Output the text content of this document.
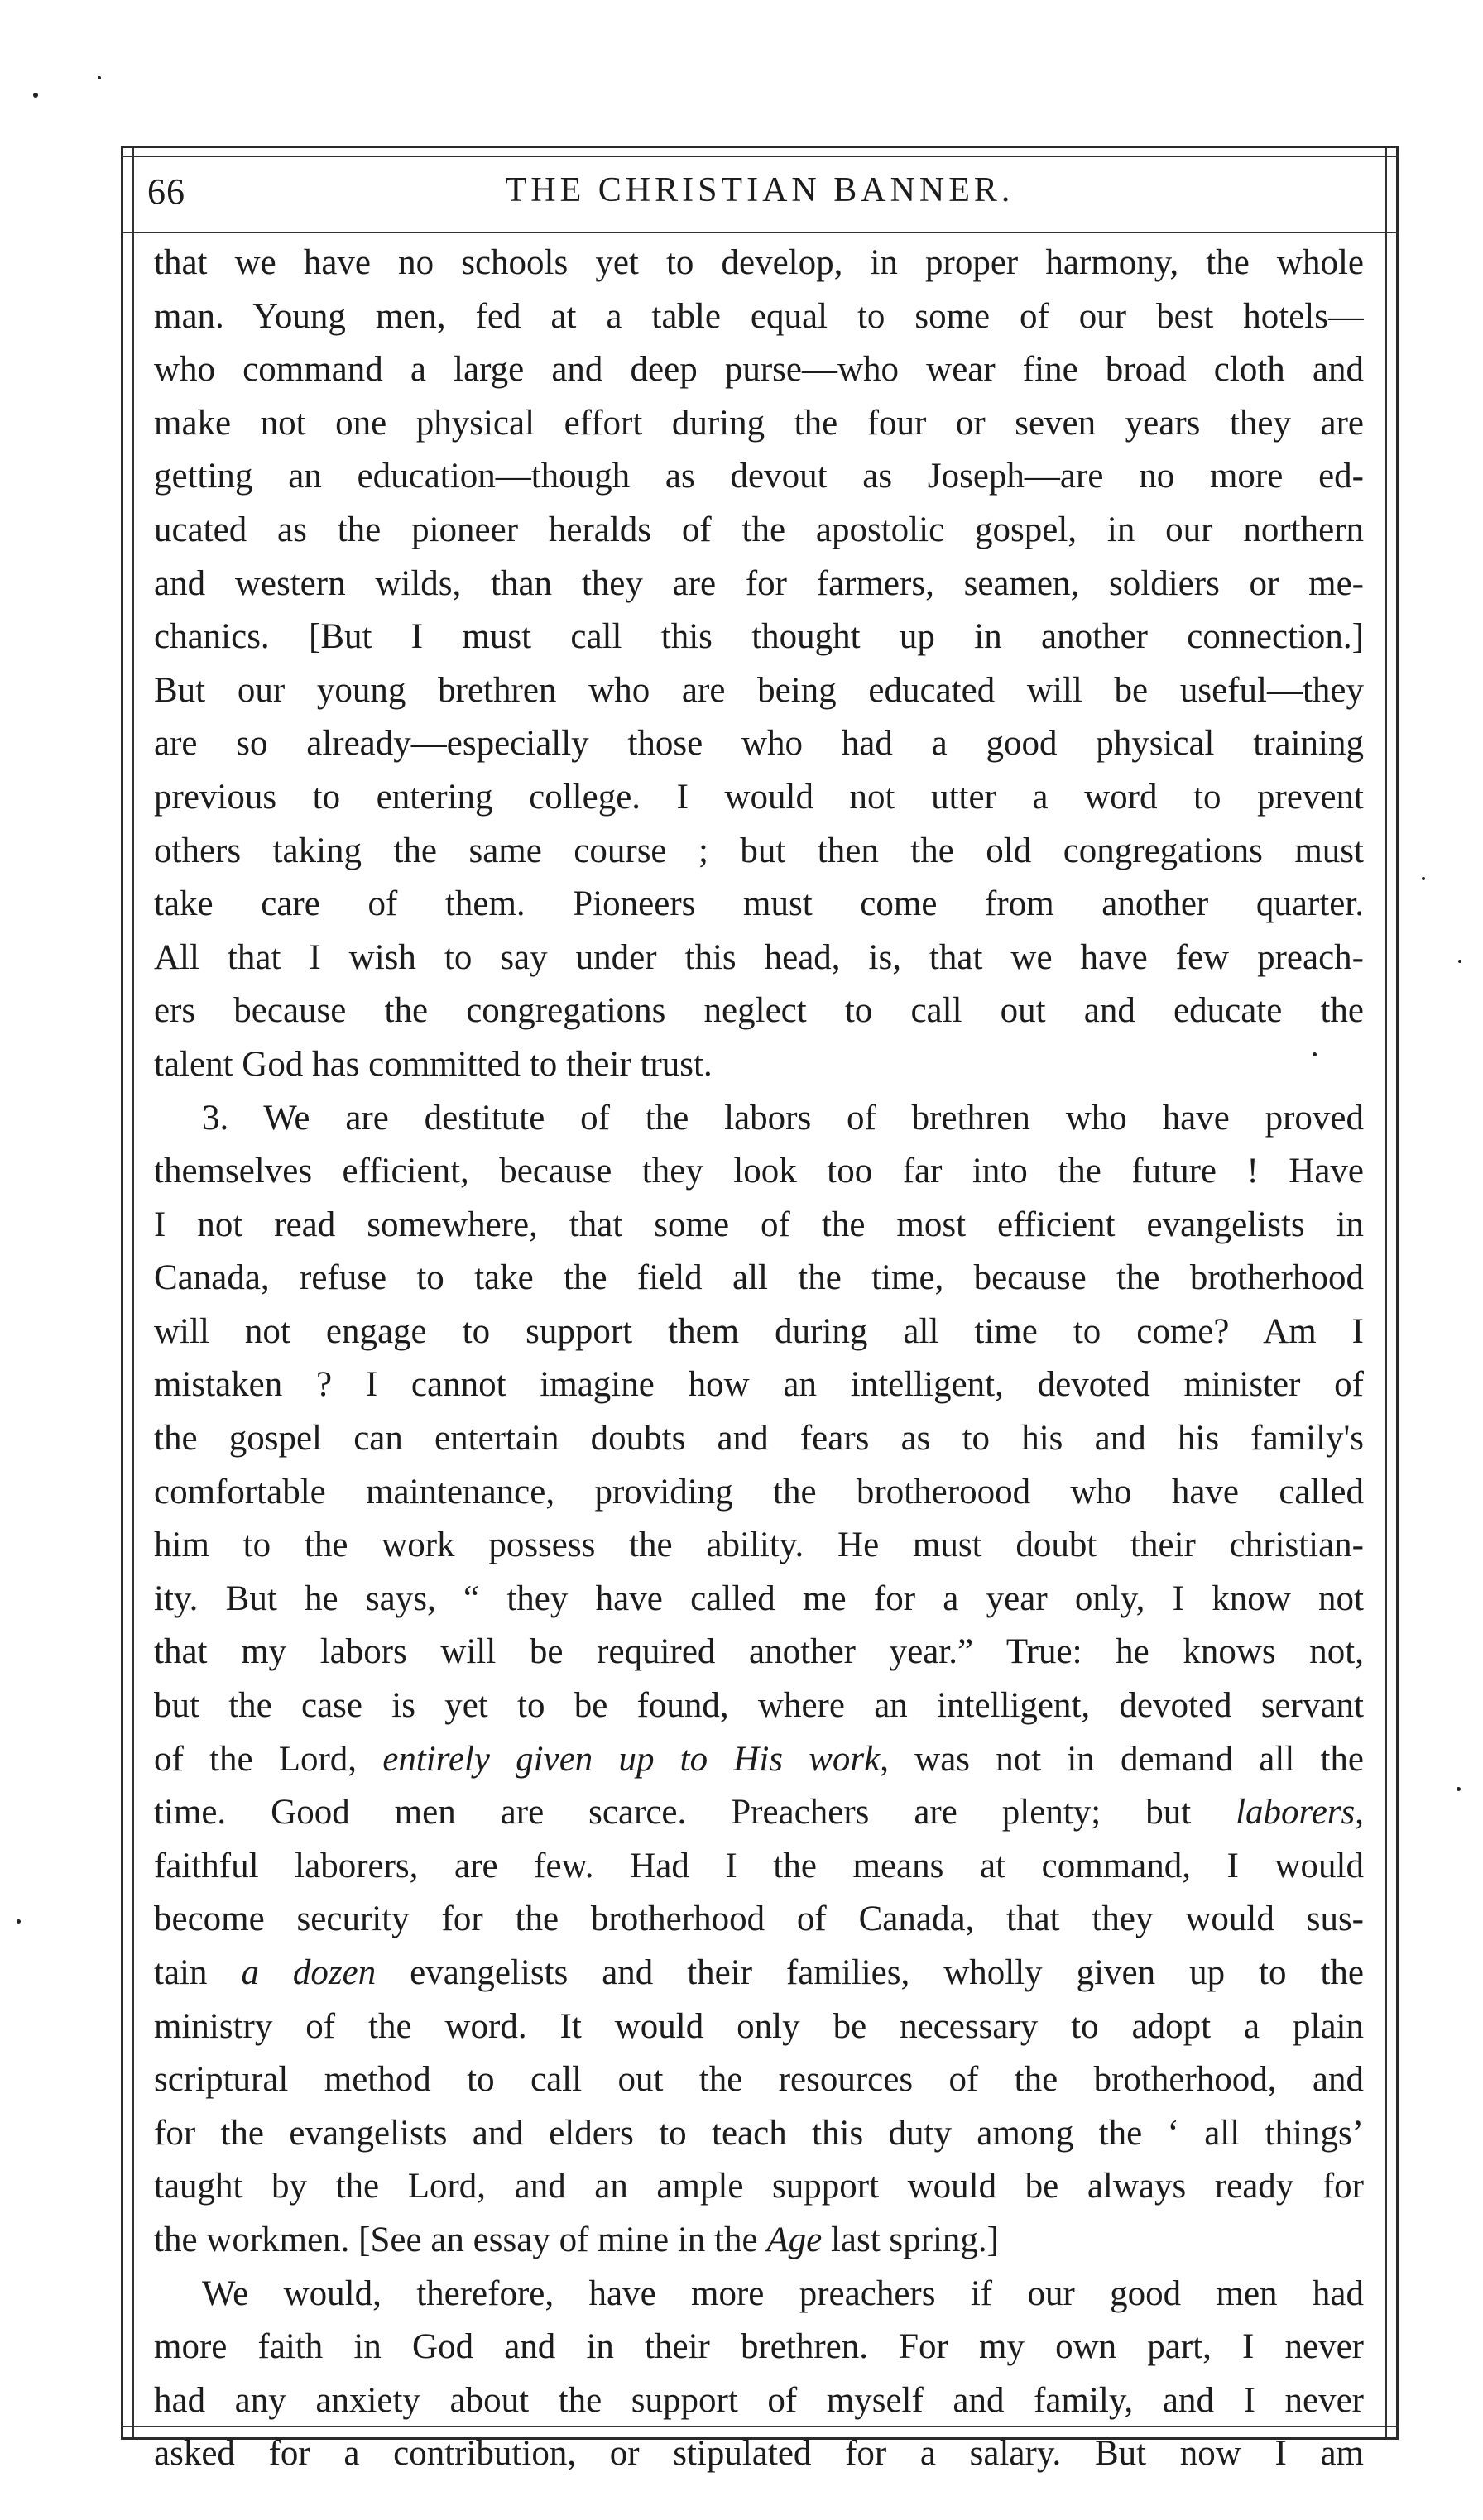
66	THE CHRISTIAN BANNER.
that we have no schools yet to develop, in proper harmony, the whole
man. Young men, fed at a table equal to some of our best hotels—
who command a large and deep purse—who wear fine broad cloth and
make not one physical effort during the four or seven years they are
getting an education—though as devout as Joseph—are no more ed-
ucated as the pioneer heralds of the apostolic gospel, in our northern
and western wilds, than they are for farmers, seamen, soldiers or me-
chanics. [But I must call this thought up in another connection.]
But our young brethren who are being educated will be useful—they
are so already—especially those who had a good physical training
previous to entering college. I would not utter a word to prevent
others taking the same course ; but then the old congregations must
take care of them. Pioneers must come from another quarter.
All that I wish to say under this head, is, that we have few preach-
ers because the congregations neglect to call out and educate the
talent God has committed to their trust.
3. We are destitute of the labors of brethren who have proved
themselves efficient, because they look too far into the future ! Have
I not read somewhere, that some of the most efficient evangelists in
Canada, refuse to take the field all the time, because the brotherhood
will not engage to support them during all time to come? Am I
mistaken ? I cannot imagine how an intelligent, devoted minister of
the gospel can entertain doubts and fears as to his and his family's
comfortable maintenance, providing the brotheroood who have called
him to the work possess the ability. He must doubt their christian-
ity. But he says, “ they have called me for a year only, I know not
that my labors will be required another year.” True: he knows not,
but the case is yet to be found, where an intelligent, devoted servant
of the Lord, entirely given up to His work, was not in demand all the
time. Good men are scarce. Preachers are plenty; but laborers,
faithful laborers, are few. Had I the means at command, I would
become security for the brotherhood of Canada, that they would sus-
tain a dozen evangelists and their families, wholly given up to the
ministry of the word. It would only be necessary to adopt a plain
scriptural method to call out the resources of the brotherhood, and
for the evangelists and elders to teach this duty among the ‘ all things’
taught by the Lord, and an ample support would be always ready for
the workmen. [See an essay of mine in the Age last spring.]
We would, therefore, have more preachers if our good men had
more faith in God and in their brethren. For my own part, I never
had any anxiety about the support of myself and family, and I never
asked for a contribution, or stipulated for a salary. But now I am
